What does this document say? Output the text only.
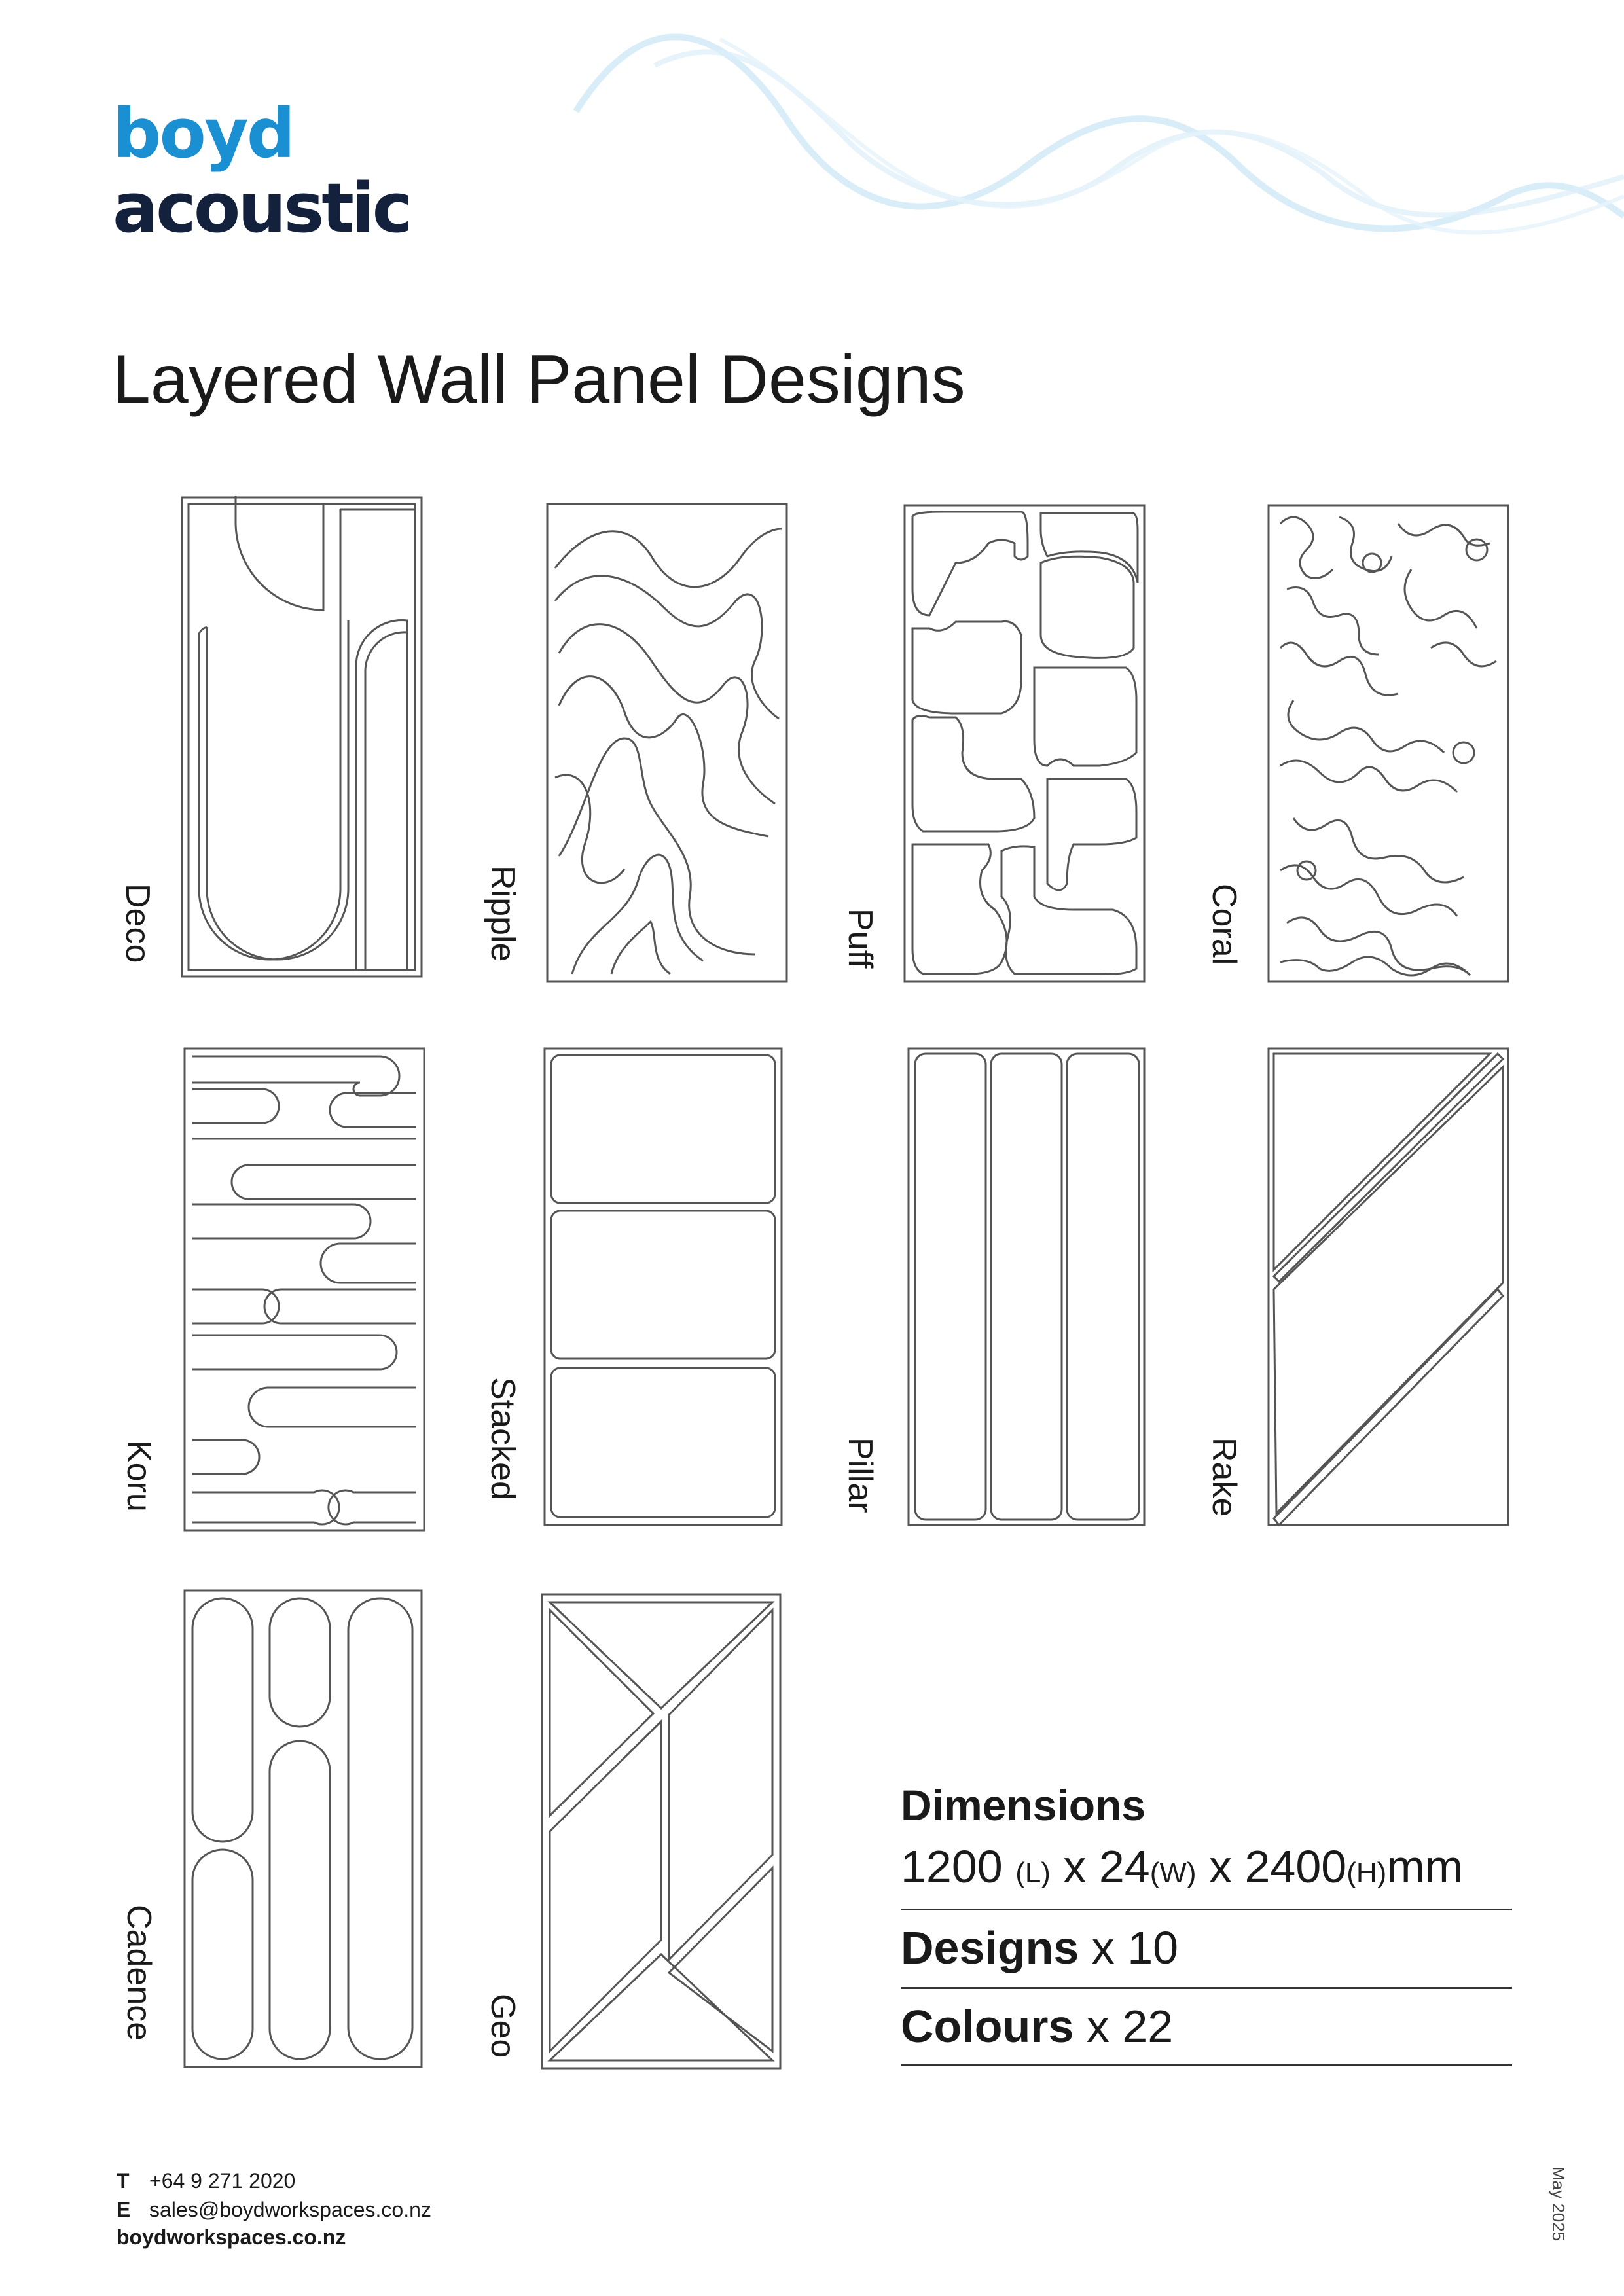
boyd
acoustic
Layered Wall Panel Designs
Deco	Ripple	Puff	Coral
Koru	Stacked	Pillar	Rake
Cadence	Geo
Dimensions
1200 (L) x 24(W) x 2400(H)mm
Designs x 10
Colours x 22
T +64 9 271 2020
E sales@boydworkspaces.co.nz
boydworkspaces.co.nz	May 2025
